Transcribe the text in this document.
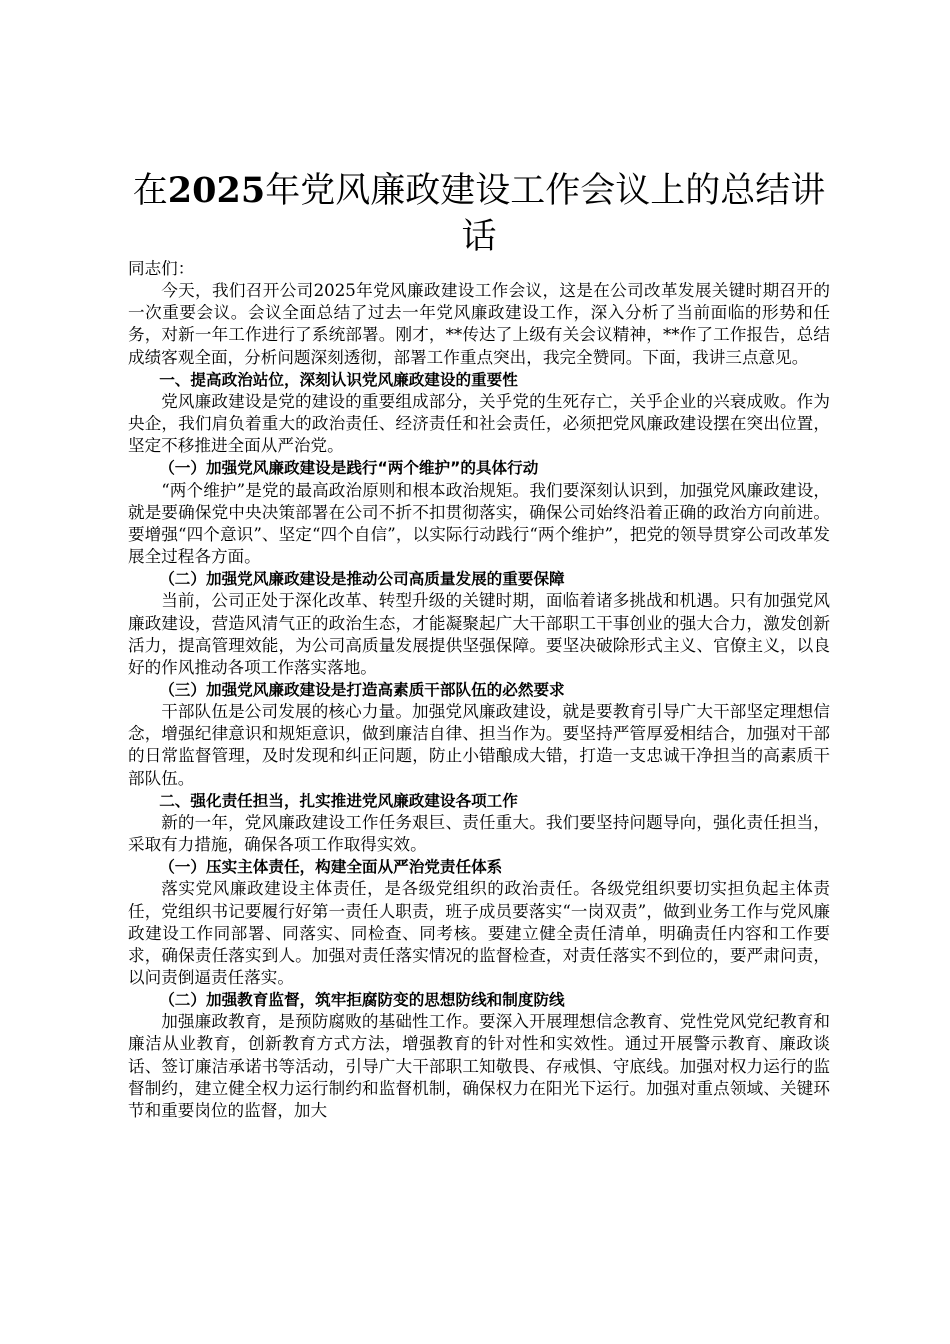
在2025年党风廉政建设工作会议上的总结讲话

同志们：

今天，我们召开公司2025年党风廉政建设工作会议，这是在公司改革发展关键时期召开的一次重要会议。会议全面总结了过去一年党风廉政建设工作，深入分析了当前面临的形势和任务，对新一年工作进行了系统部署。刚才，**传达了上级有关会议精神，**作了工作报告，总结成绩客观全面，分析问题深刻透彻，部署工作重点突出，我完全赞同。下面，我讲三点意见。

一、提高政治站位，深刻认识党风廉政建设的重要性

党风廉政建设是党的建设的重要组成部分，关乎党的生死存亡，关乎企业的兴衰成败。作为央企，我们肩负着重大的政治责任、经济责任和社会责任，必须把党风廉政建设摆在突出位置，坚定不移推进全面从严治党。

（一）加强党风廉政建设是践行“两个维护”的具体行动

“两个维护”是党的最高政治原则和根本政治规矩。我们要深刻认识到，加强党风廉政建设，就是要确保党中央决策部署在公司不折不扣贯彻落实，确保公司始终沿着正确的政治方向前进。要增强“四个意识”、坚定“四个自信”，以实际行动践行“两个维护”，把党的领导贯穿公司改革发展全过程各方面。

（二）加强党风廉政建设是推动公司高质量发展的重要保障

当前，公司正处于深化改革、转型升级的关键时期，面临着诸多挑战和机遇。只有加强党风廉政建设，营造风清气正的政治生态，才能凝聚起广大干部职工干事创业的强大合力，激发创新活力，提高管理效能，为公司高质量发展提供坚强保障。要坚决破除形式主义、官僚主义，以良好的作风推动各项工作落实落地。

（三）加强党风廉政建设是打造高素质干部队伍的必然要求

干部队伍是公司发展的核心力量。加强党风廉政建设，就是要教育引导广大干部坚定理想信念，增强纪律意识和规矩意识，做到廉洁自律、担当作为。要坚持严管厚爱相结合，加强对干部的日常监督管理，及时发现和纠正问题，防止小错酿成大错，打造一支忠诚干净担当的高素质干部队伍。

二、强化责任担当，扎实推进党风廉政建设各项工作

新的一年，党风廉政建设工作任务艰巨、责任重大。我们要坚持问题导向，强化责任担当，采取有力措施，确保各项工作取得实效。

（一）压实主体责任，构建全面从严治党责任体系

落实党风廉政建设主体责任，是各级党组织的政治责任。各级党组织要切实担负起主体责任，党组织书记要履行好第一责任人职责，班子成员要落实“一岗双责”，做到业务工作与党风廉政建设工作同部署、同落实、同检查、同考核。要建立健全责任清单，明确责任内容和工作要求，确保责任落实到人。加强对责任落实情况的监督检查，对责任落实不到位的，要严肃问责，以问责倒逼责任落实。

（二）加强教育监督，筑牢拒腐防变的思想防线和制度防线

加强廉政教育，是预防腐败的基础性工作。要深入开展理想信念教育、党性党风党纪教育和廉洁从业教育，创新教育方式方法，增强教育的针对性和实效性。通过开展警示教育、廉政谈话、签订廉洁承诺书等活动，引导广大干部职工知敬畏、存戒惧、守底线。加强对权力运行的监督制约，建立健全权力运行制约和监督机制，确保权力在阳光下运行。加强对重点领域、关键环节和重要岗位的监督，加大
